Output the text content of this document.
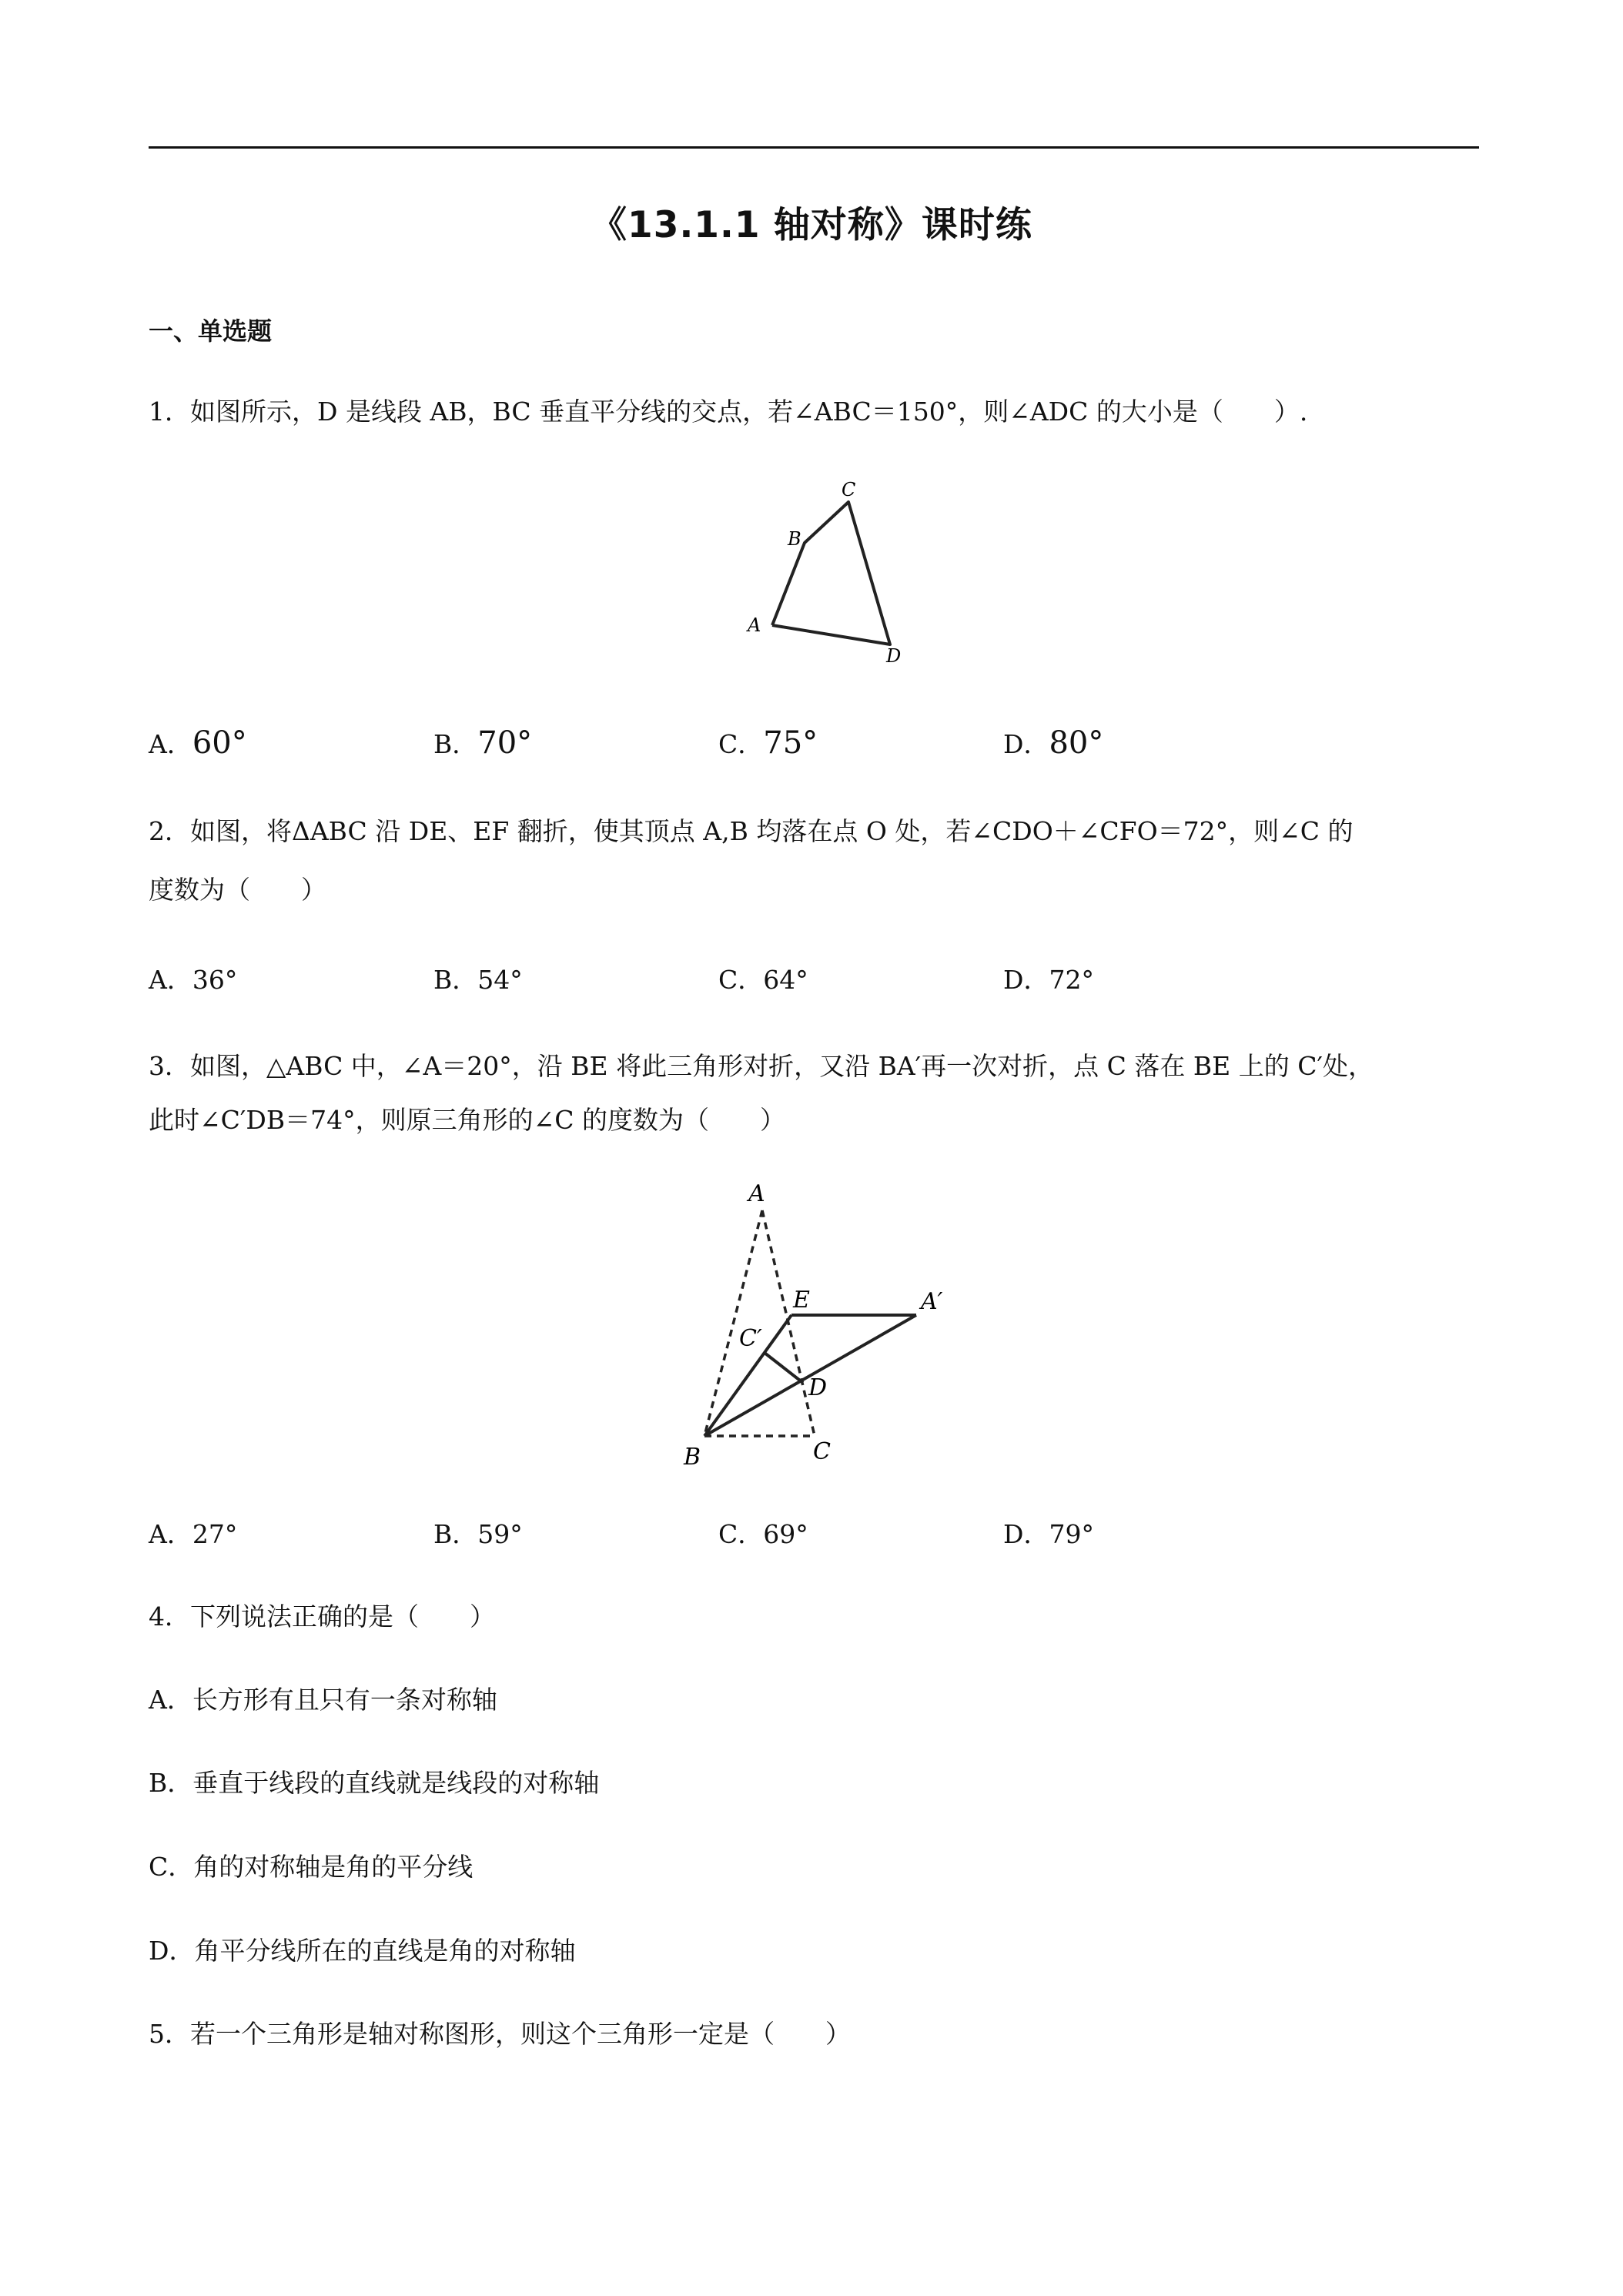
《13.1.1 轴对称》课时练
一、单选题
1．如图所示，D 是线段 AB，BC 垂直平分线的交点，若∠ABC＝150°，则∠ADC 的大小是（　　）.
A
B
C
D
A．60°	B．70°	C．75°	D．80°
2．如图，将ΔABC 沿 DE、EF 翻折，使其顶点 A,B 均落在点 O 处，若∠CDO＋∠CFO＝72°，则∠C 的
度数为（　　）
A．36°	B．54°	C．64°	D．72°
3．如图，△ABC 中，∠A＝20°，沿 BE 将此三角形对折，又沿 BA′再一次对折，点 C 落在 BE 上的 C′处，
此时∠C′DB＝74°，则原三角形的∠C 的度数为（　　）
A
E	A′
C′
D
B	C
A．27°	B．59°	C．69°	D．79°
4．下列说法正确的是（　　）
A．长方形有且只有一条对称轴
B．垂直于线段的直线就是线段的对称轴
C．角的对称轴是角的平分线
D．角平分线所在的直线是角的对称轴
5．若一个三角形是轴对称图形，则这个三角形一定是（　　）
